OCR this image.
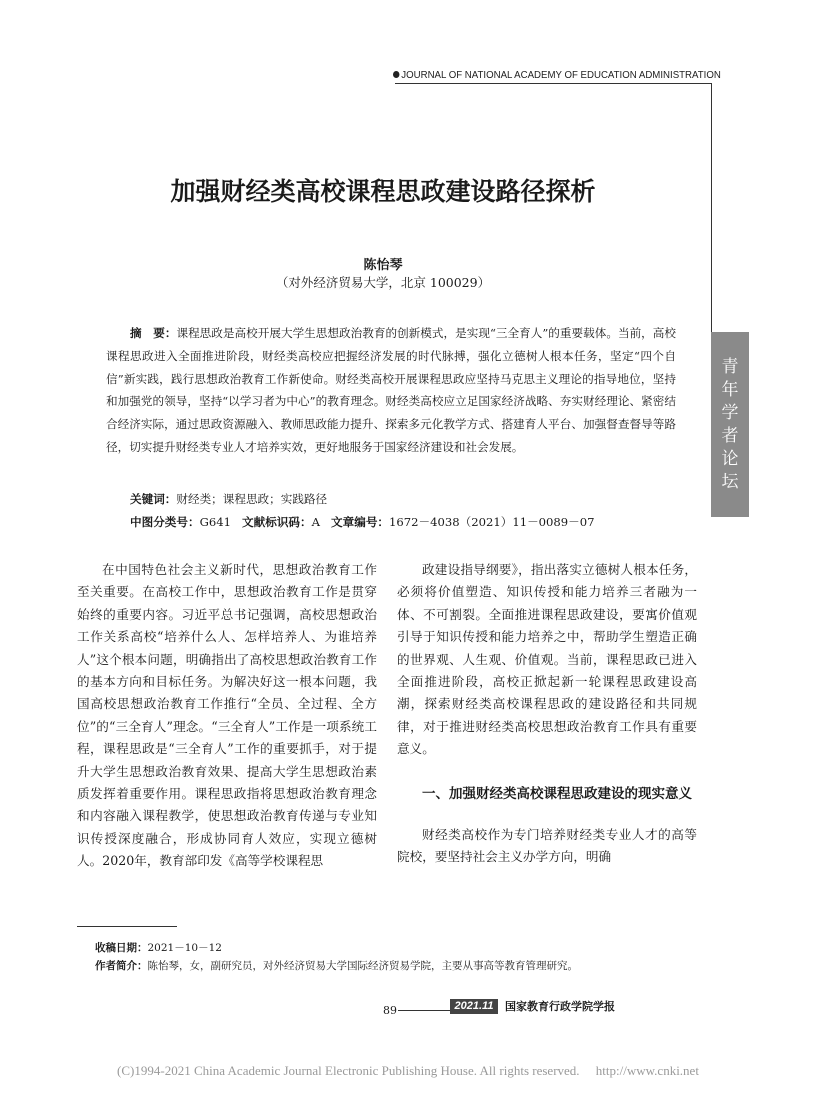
JOURNAL OF NATIONAL ACADEMY OF EDUCATION ADMINISTRATION
青
年
学
者
论
坛
加强财经类高校课程思政建设路径探析
陈怡琴
（对外经济贸易大学，北京 100029）
摘　要：课程思政是高校开展大学生思想政治教育的创新模式，是实现“三全育人”的重要载体。当前，高校课程思政进入全面推进阶段，财经类高校应把握经济发展的时代脉搏，强化立德树人根本任务，坚定“四个自信”新实践，践行思想政治教育工作新使命。财经类高校开展课程思政应坚持马克思主义理论的指导地位，坚持和加强党的领导，坚持“以学习者为中心”的教育理念。财经类高校应立足国家经济战略、夯实财经理论、紧密结合经济实际，通过思政资源融入、教师思政能力提升、探索多元化教学方式、搭建育人平台、加强督查督导等路径，切实提升财经类专业人才培养实效，更好地服务于国家经济建设和社会发展。
关键词：财经类；课程思政；实践路径
中图分类号：G641 文献标识码：A 文章编号：1672－4038（2021）11－0089－07

在中国特色社会主义新时代，思想政治教育工作至关重要。在高校工作中，思想政治教育工作是贯穿始终的重要内容。习近平总书记强调，高校思想政治工作关系高校“培养什么人、怎样培养人、为谁培养人”这个根本问题，明确指出了高校思想政治教育工作的基本方向和目标任务。为解决好这一根本问题，我国高校思想政治教育工作推行“全员、全过程、全方位”的“三全育人”理念。“三全育人”工作是一项系统工程，课程思政是“三全育人”工作的重要抓手，对于提升大学生思想政治教育效果、提高大学生思想政治素质发挥着重要作用。课程思政指将思想政治教育理念和内容融入课程教学，使思想政治教育传递与专业知识传授深度融合，形成协同育人效应，实现立德树人。2020年，教育部印发《高等学校课程思

政建设指导纲要》，指出落实立德树人根本任务，必须将价值塑造、知识传授和能力培养三者融为一体、不可割裂。全面推进课程思政建设，要寓价值观引导于知识传授和能力培养之中，帮助学生塑造正确的世界观、人生观、价值观。当前，课程思政已进入全面推进阶段，高校正掀起新一轮课程思政建设高潮，探索财经类高校课程思政的建设路径和共同规律，对于推进财经类高校思想政治教育工作具有重要意义。

一、加强财经类高校课程思政建设的现实意义

财经类高校作为专门培养财经类专业人才的高等院校，要坚持社会主义办学方向，明确

收稿日期：2021－10－12
作者简介：陈怡琴，女，副研究员，对外经济贸易大学国际经济贸易学院，主要从事高等教育管理研究。
89	2021.11	国家教育行政学院学报
(C)1994-2021 China Academic Journal Electronic Publishing House. All rights reserved.　 http://www.cnki.net
